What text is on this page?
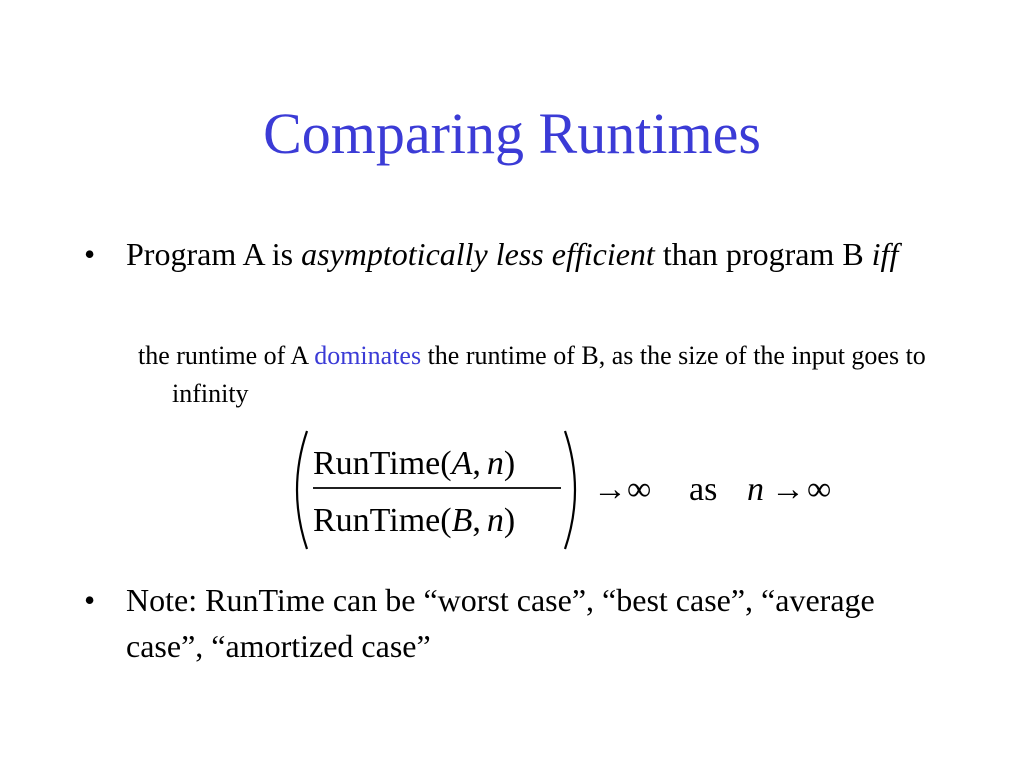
Comparing Runtimes
• Program A is asymptotically less efficient than program B iff
the runtime of A dominates the runtime of B, as the size of the input goes to infinity
RunTime(A, n)
RunTime(B, n)
→ ∞ as n → ∞
• Note: RunTime can be “worst case”, “best case”, “average case”, “amortized case”
